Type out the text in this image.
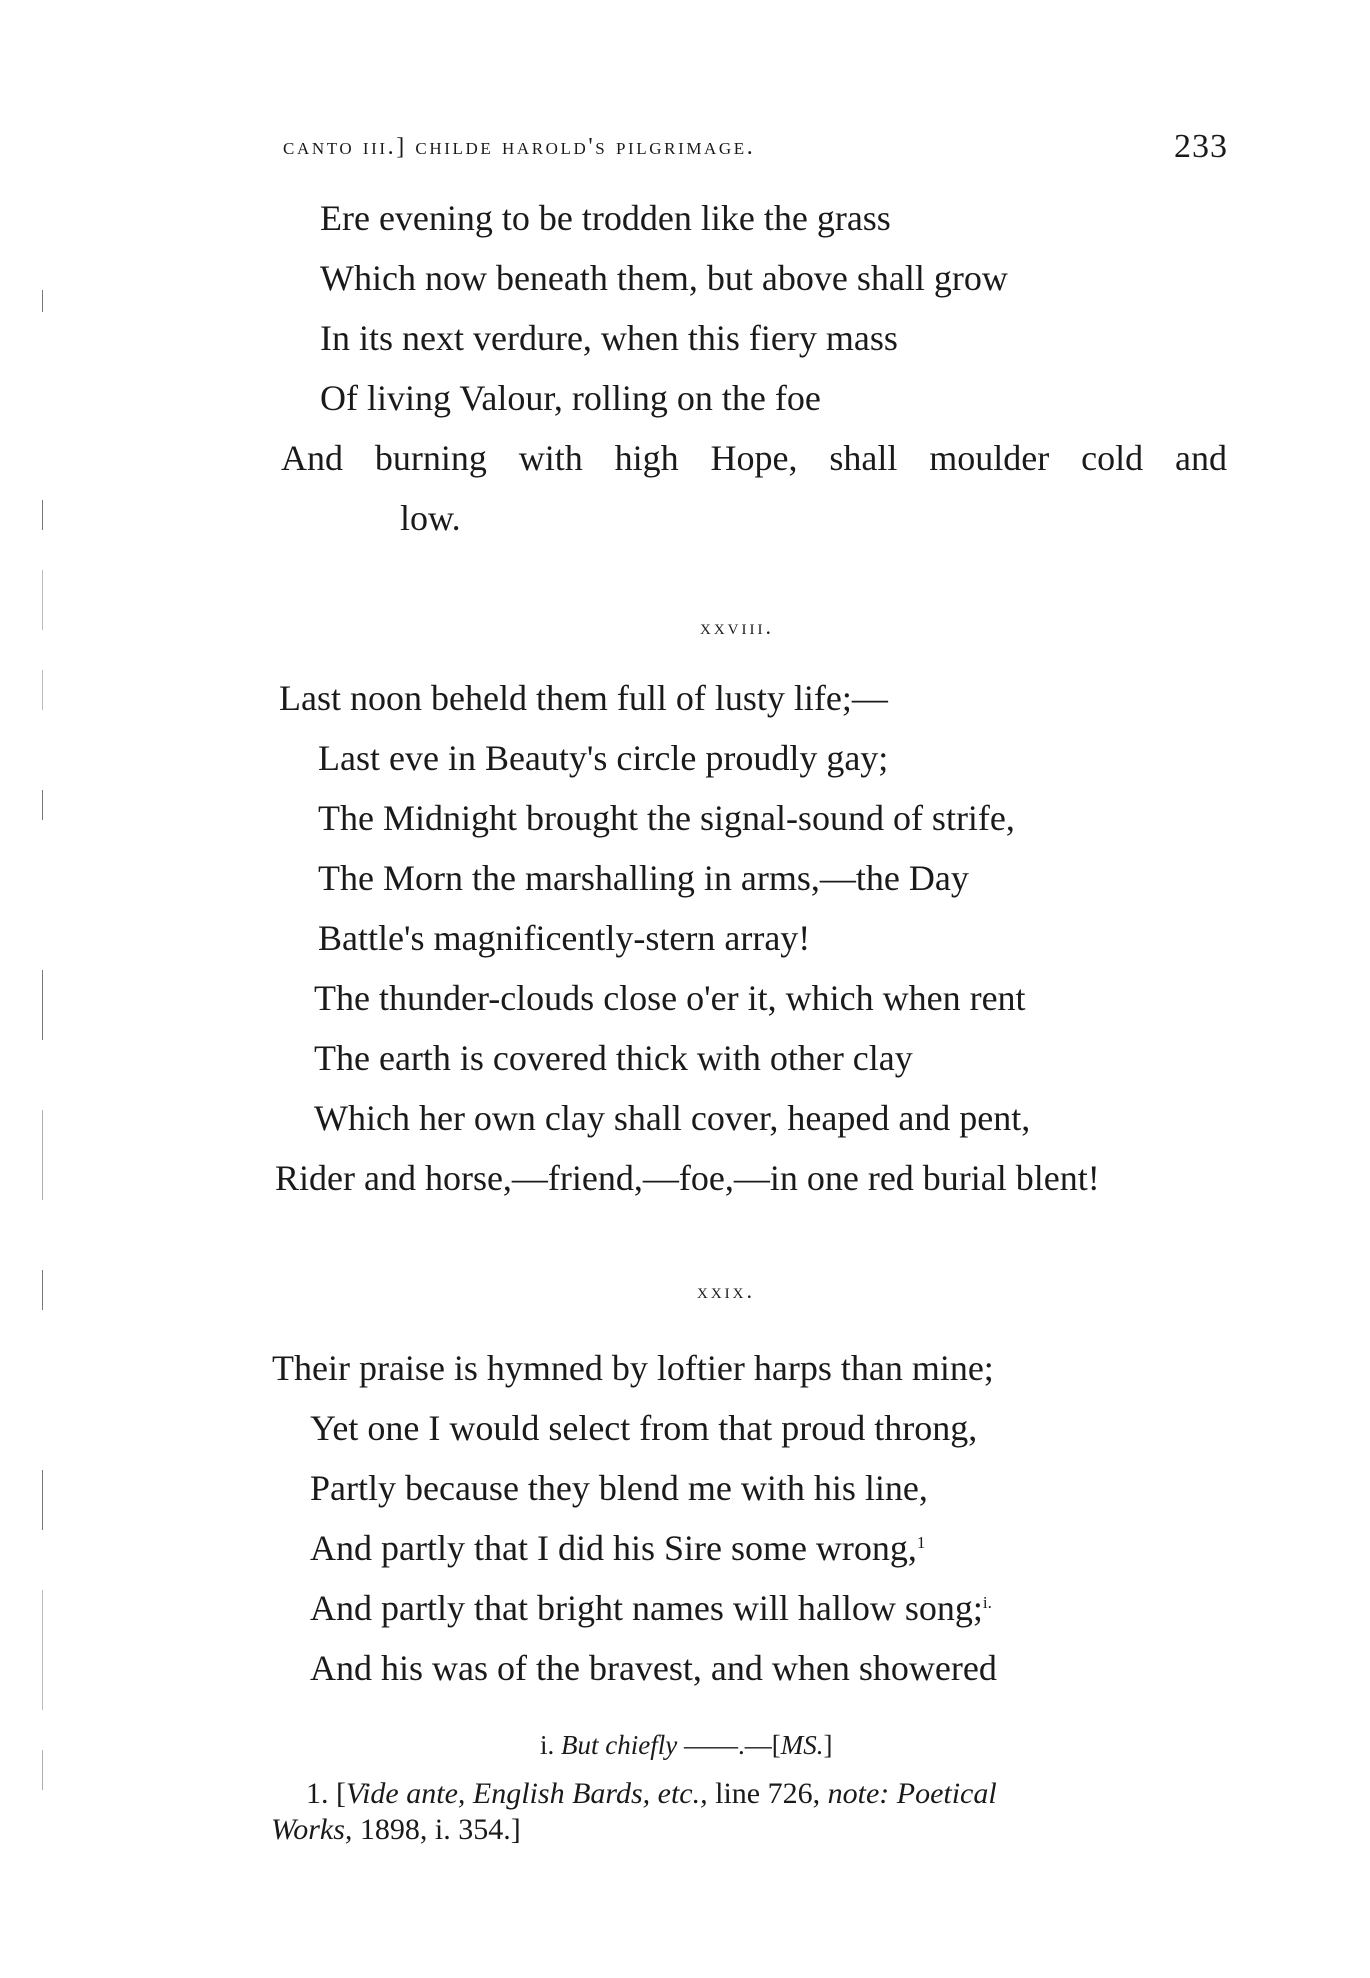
canto iii.] childe harold's pilgrimage.	233
Ere evening to be trodden like the grass
Which now beneath them, but above shall grow
In its next verdure, when this fiery mass
Of living Valour, rolling on the foe
And burning with high Hope, shall moulder cold and
low.
xxviii.
Last noon beheld them full of lusty life;—
Last eve in Beauty's circle proudly gay;
The Midnight brought the signal-sound of strife,
The Morn the marshalling in arms,—the Day
Battle's magnificently-stern array!
The thunder-clouds close o'er it, which when rent
The earth is covered thick with other clay
Which her own clay shall cover, heaped and pent,
Rider and horse,—friend,—foe,—in one red burial blent!
xxix.
Their praise is hymned by loftier harps than mine;
Yet one I would select from that proud throng,
Partly because they blend me with his line,
And partly that I did his Sire some wrong,$^1$
And partly that bright names will hallow song;$^{i.}$
And his was of the bravest, and when showered
i. But chiefly ——.—[MS.]
1. [Vide ante, English Bards, etc., line 726, note: Poetical
Works, 1898, i. 354.]
